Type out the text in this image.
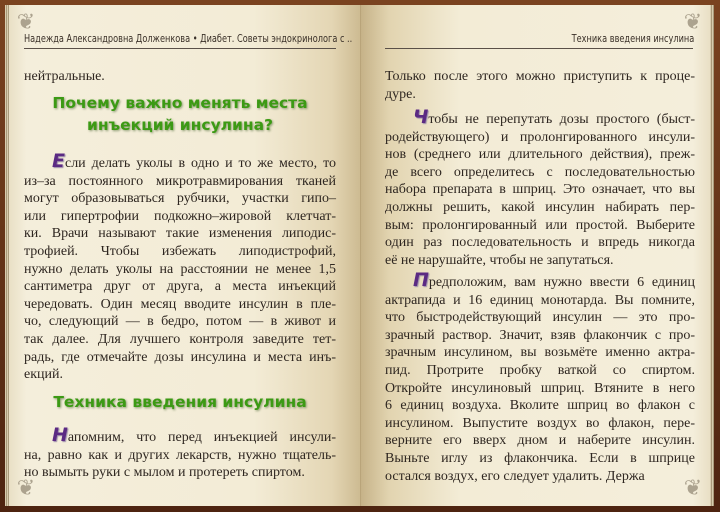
❦
❦
Надежда Александровна Долженкова • Диабет. Советы эндокринолога с ..
нейтральные.
Почему важно менять места
инъекций инсулина?
Если делать уколы в одно и то же место, то
из–за постоянного микротравмирования тканей
могут образовываться рубчики, участки гипо–
или гипертрофии подкожно–жировой клетчат-
ки. Врачи называют такие изменения липодис-
трофией. Чтобы избежать липодистрофий,
нужно делать уколы на расстоянии не менее 1,5
сантиметра друг от друга, а места инъекций
чередовать. Один месяц вводите инсулин в пле-
чо, следующий — в бедро, потом — в живот и
так далее. Для лучшего контроля заведите тет-
радь, где отмечайте дозы инсулина и места инъ-
екций.
Техника введения инсулина
Напомним, что перед инъекцией инсули-
на, равно как и других лекарств, нужно тщатель-
но вымыть руки с мылом и протереть спиртом.
❦
❦
Техника введения инсулина
Только после этого можно приступить к проце-
дуре.
Чтобы не перепутать дозы простого (быст-
родействующего) и пролонгированного инсули-
нов (среднего или длительного действия), преж-
де всего определитесь с последовательностью
набора препарата в шприц. Это означает, что вы
должны решить, какой инсулин набирать пер-
вым: пролонгированный или простой. Выберите
один раз последовательность и впредь никогда
её не нарушайте, чтобы не запутаться.
Предположим, вам нужно ввести 6 единиц
актрапида и 16 единиц монотарда. Вы помните,
что быстродействующий инсулин — это про-
зрачный раствор. Значит, взяв флакончик с про-
зрачным инсулином, вы возьмёте именно актра-
пид. Протрите пробку ваткой со спиртом.
Откройте инсулиновый шприц. Втяните в него
6 единиц воздуха. Вколите шприц во флакон с
инсулином. Выпустите воздух во флакон, пере-
верните его вверх дном и наберите инсулин.
Выньте иглу из флакончика. Если в шприце
остался воздух, его следует удалить. Держа
